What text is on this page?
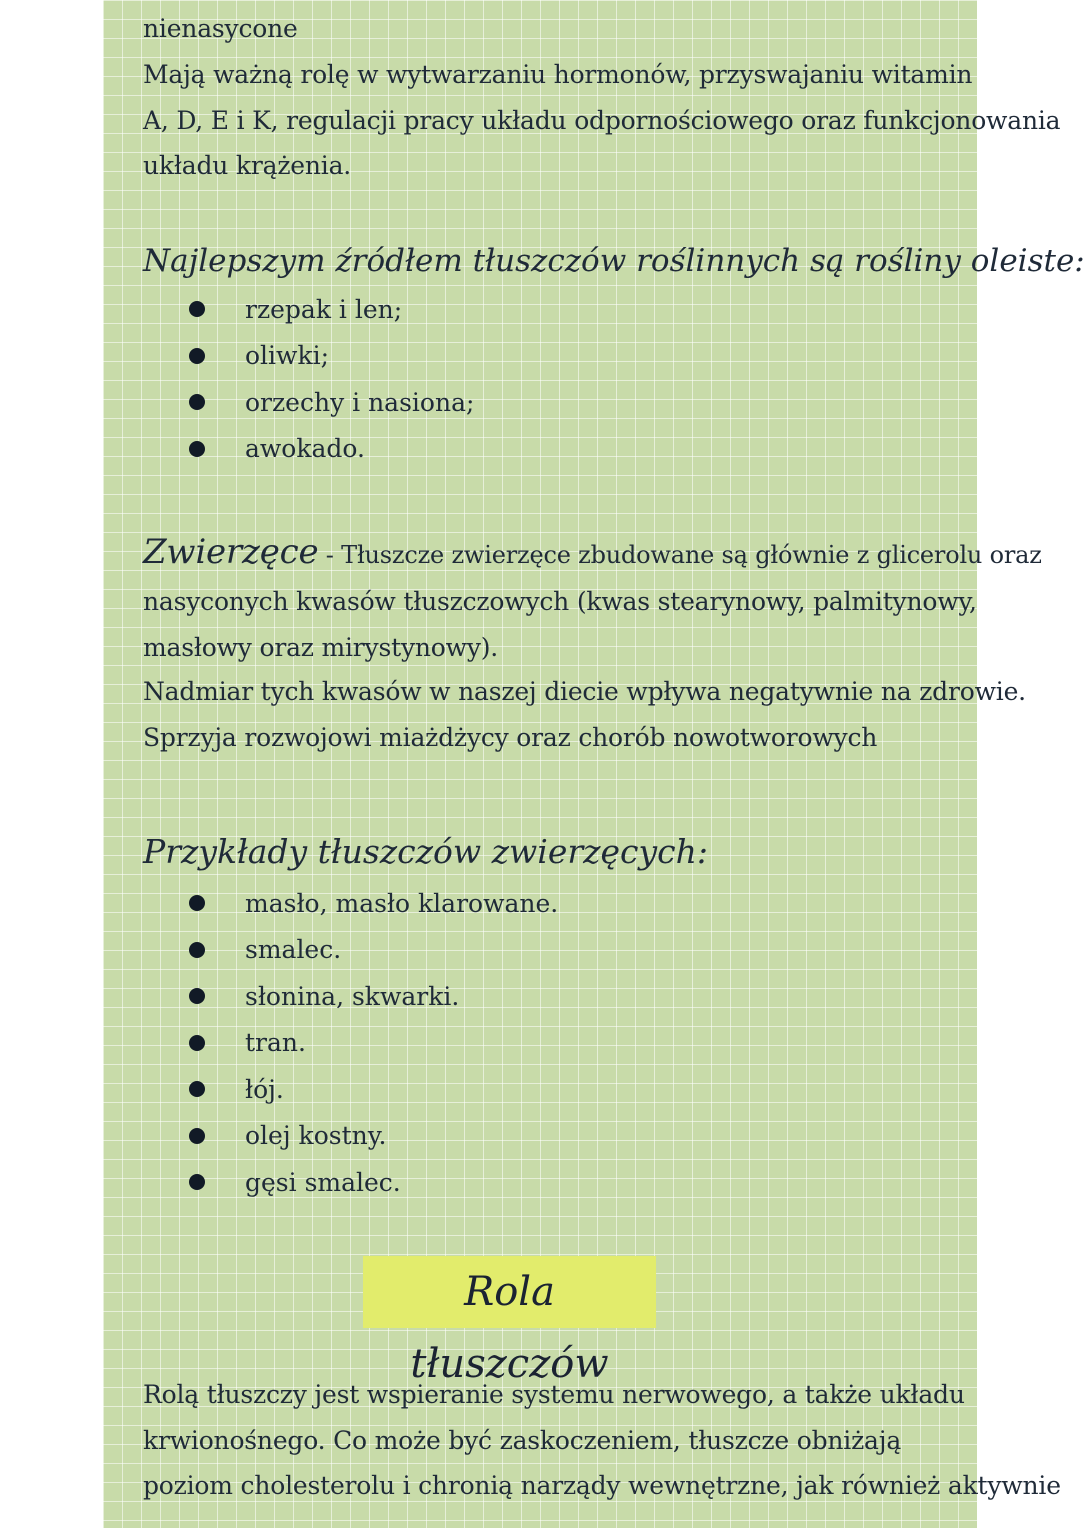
nienasycone
Mają ważną rolę w wytwarzaniu hormonów, przyswajaniu witamin
A, D, E i K, regulacji pracy układu odpornościowego oraz funkcjonowania
układu krążenia.
Najlepszym źródłem tłuszczów roślinnych są rośliny oleiste:
rzepak i len;
oliwki;
orzechy i nasiona;
awokado.
Zwierzęce - Tłuszcze zwierzęce zbudowane są głównie z glicerolu oraz
nasyconych kwasów tłuszczowych (kwas stearynowy, palmitynowy,
masłowy oraz mirystynowy).
Nadmiar tych kwasów w naszej diecie wpływa negatywnie na zdrowie.
Sprzyja rozwojowi miażdżycy oraz chorób nowotworowych
Przykłady tłuszczów zwierzęcych:
masło, masło klarowane.
smalec.
słonina, skwarki.
tran.
łój.
olej kostny.
gęsi smalec.
Rola tłuszczów
Rolą tłuszczy jest wspieranie systemu nerwowego, a także układu
krwionośnego. Co może być zaskoczeniem, tłuszcze obniżają
poziom cholesterolu i chronią narządy wewnętrzne, jak również aktywnie
